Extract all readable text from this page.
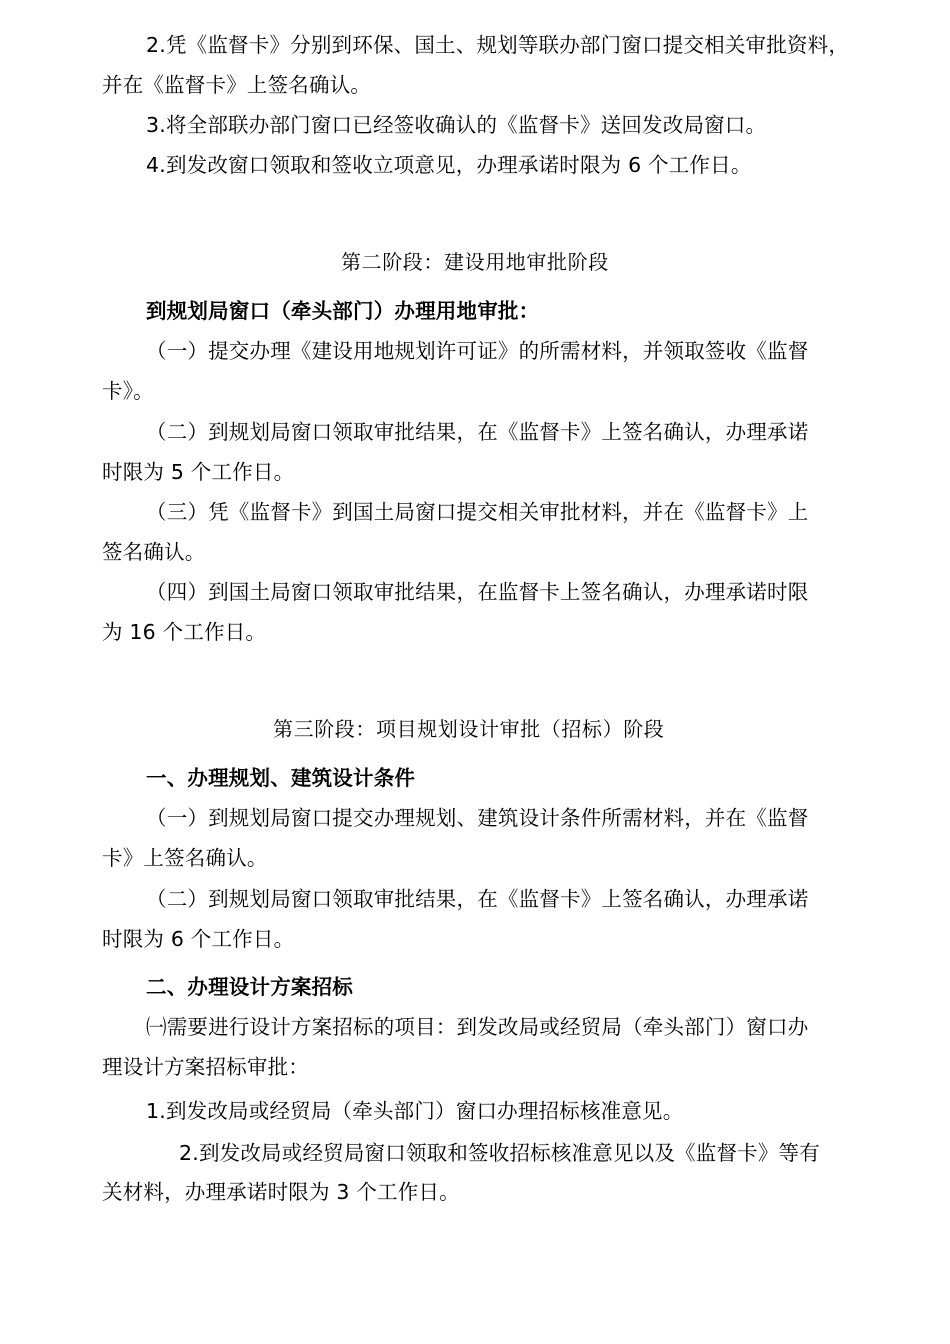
2.凭《监督卡》分别到环保、国土、规划等联办部门窗口提交相关审批资料，
并在《监督卡》上签名确认。
3.将全部联办部门窗口已经签收确认的《监督卡》送回发改局窗口。
4.到发改窗口领取和签收立项意见，办理承诺时限为 6 个工作日。
第二阶段：建设用地审批阶段
到规划局窗口（牵头部门）办理用地审批：
（一）提交办理《建设用地规划许可证》的所需材料，并领取签收《监督
卡》。
（二）到规划局窗口领取审批结果，在《监督卡》上签名确认，办理承诺
时限为 5 个工作日。
（三）凭《监督卡》到国土局窗口提交相关审批材料，并在《监督卡》上
签名确认。
（四）到国土局窗口领取审批结果，在监督卡上签名确认，办理承诺时限
为 16 个工作日。
第三阶段：项目规划设计审批（招标）阶段
一、办理规划、建筑设计条件
（一）到规划局窗口提交办理规划、建筑设计条件所需材料，并在《监督
卡》上签名确认。
（二）到规划局窗口领取审批结果，在《监督卡》上签名确认，办理承诺
时限为 6 个工作日。
二、办理设计方案招标
㈠需要进行设计方案招标的项目：到发改局或经贸局（牵头部门）窗口办
理设计方案招标审批：
1.到发改局或经贸局（牵头部门）窗口办理招标核准意见。
2.到发改局或经贸局窗口领取和签收招标核准意见以及《监督卡》等有
关材料，办理承诺时限为 3 个工作日。
